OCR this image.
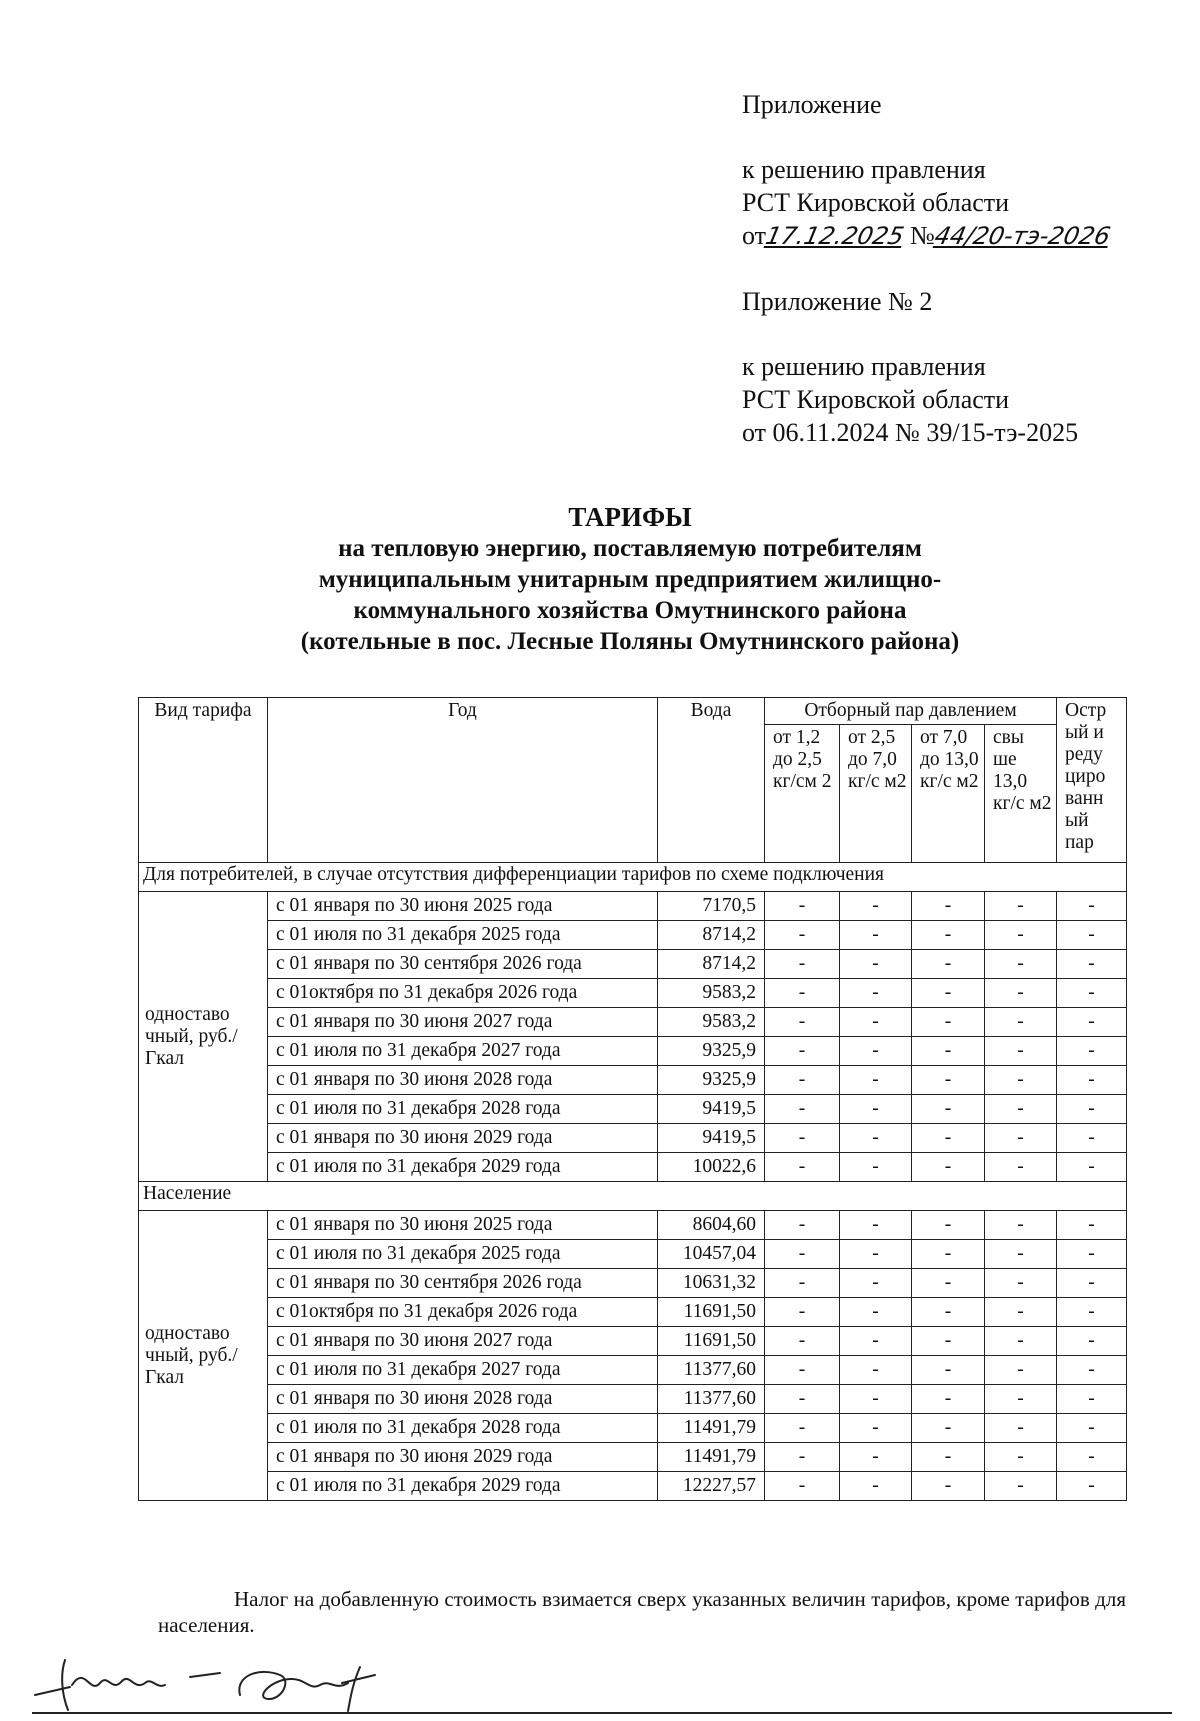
Приложение
к решению правления
РСТ Кировской области
от17.12.2025 №44/20-тэ-2026
Приложение № 2
к решению правления
РСТ Кировской области
от 06.11.2024 № 39/15-тэ-2025
ТАРИФЫ
на тепловую энергию, поставляемую потребителям
муниципальным унитарным предприятием жилищно-
коммунального хозяйства Омутнинского района
(котельные в пос. Лесные Поляны Омутнинского района)
Вид тарифа	Год	Вода	Отборный пар давлением				Остр ый и реду циро ванн ый пар
			от 1,2 до 2,5 кг/см 2	от 2,5 до 7,0 кг/с м2	от 7,0 до 13,0 кг/с м2	свы ше 13,0 кг/с м2	
Для потребителей, в случае отсутствия дифференциации тарифов по схеме подключения							
одноставо чный, руб./Гкал	с 01 января по 30 июня 2025 года	7170,5	-	-	-	-	-
	с 01 июля по 31 декабря 2025 года	8714,2	-	-	-	-	-
	с 01 января по 30 сентября 2026 года	8714,2	-	-	-	-	-
	с 01октября по 31 декабря 2026 года	9583,2	-	-	-	-	-
	с 01 января по 30 июня 2027 года	9583,2	-	-	-	-	-
	с 01 июля по 31 декабря 2027 года	9325,9	-	-	-	-	-
	с 01 января по 30 июня 2028 года	9325,9	-	-	-	-	-
	с 01 июля по 31 декабря 2028 года	9419,5	-	-	-	-	-
	с 01 января по 30 июня 2029 года	9419,5	-	-	-	-	-
	с 01 июля по 31 декабря 2029 года	10022,6	-	-	-	-	-
Население							
одноставо чный, руб./Гкал	с 01 января по 30 июня 2025 года	8604,60	-	-	-	-	-
	с 01 июля по 31 декабря 2025 года	10457,04	-	-	-	-	-
	с 01 января по 30 сентября 2026 года	10631,32	-	-	-	-	-
	с 01октября по 31 декабря 2026 года	11691,50	-	-	-	-	-
	с 01 января по 30 июня 2027 года	11691,50	-	-	-	-	-
	с 01 июля по 31 декабря 2027 года	11377,60	-	-	-	-	-
	с 01 января по 30 июня 2028 года	11377,60	-	-	-	-	-
	с 01 июля по 31 декабря 2028 года	11491,79	-	-	-	-	-
	с 01 января по 30 июня 2029 года	11491,79	-	-	-	-	-
	с 01 июля по 31 декабря 2029 года	12227,57	-	-	-	-	-
Налог на добавленную стоимость взимается сверх указанных величин тарифов, кроме тарифов для населения.
